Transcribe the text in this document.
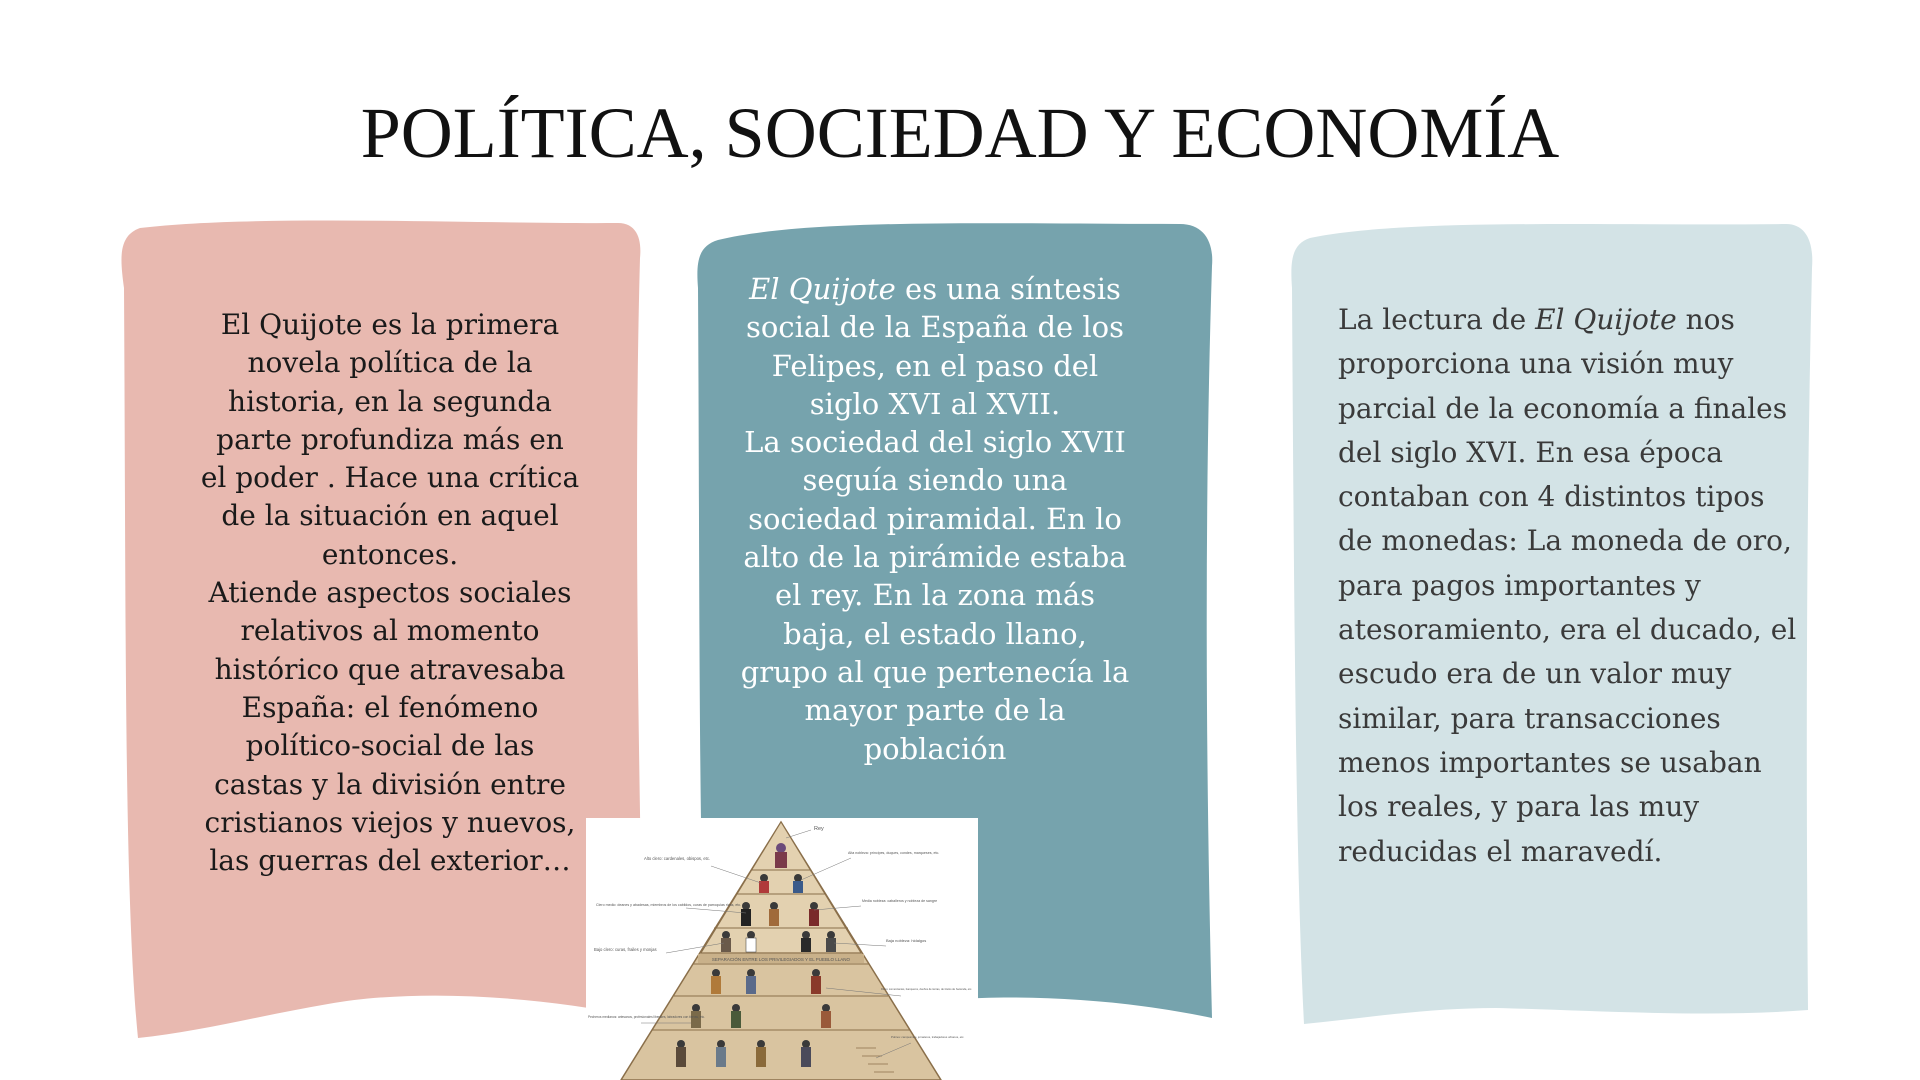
POLÍTICA, SOCIEDAD Y ECONOMÍA
El Quijote es la primera novela política de la historia, en la segunda parte profundiza más en el poder . Hace una crítica de la situación en aquel entonces.
Atiende aspectos sociales relativos al momento histórico que atravesaba España: el fenómeno político-social de las castas y la división entre cristianos viejos y nuevos, las guerras del exterior…
El Quijote es una síntesis social de la España de los Felipes, en el paso del siglo XVI al XVII.
La sociedad del siglo XVII seguía siendo una sociedad piramidal. En lo alto de la pirámide estaba el rey. En la zona más baja, el estado llano, grupo al que pertenecía la mayor parte de la población
La lectura de El Quijote nos proporciona una visión muy parcial de la economía a finales del siglo XVI. En esa época contaban con 4 distintos tipos de monedas: La moneda de oro, para pagos importantes y atesoramiento, era el ducado, el escudo era de un valor muy similar, para transacciones menos importantes se usaban los reales, y para las muy reducidas el maravedí.
SEPARACIÓN ENTRE LOS PRIVILEGIADOS Y EL PUEBLO LLANO
Rey
Alto clero: cardenales, obispos, etc.
Clero medio: deanes y abadesas, miembros de los cabildos, curas de parroquias ricas, etc.
Bajo clero: curas, frailes y monjas
Pecheros medianos: artesanos, profesionales liberales, labradores con tierras, etc.
Alta nobleza: príncipes, duques, condes, marqueses, etc.
Media nobleza: caballeros y nobleza de sangre
Baja nobleza: hidalgos
Ricos: comerciantes, banqueros, dueños de tierras, de títulos de hacienda, etc.
Pobres: campesinos, jornaleros, trabajadores urbanos, etc.
